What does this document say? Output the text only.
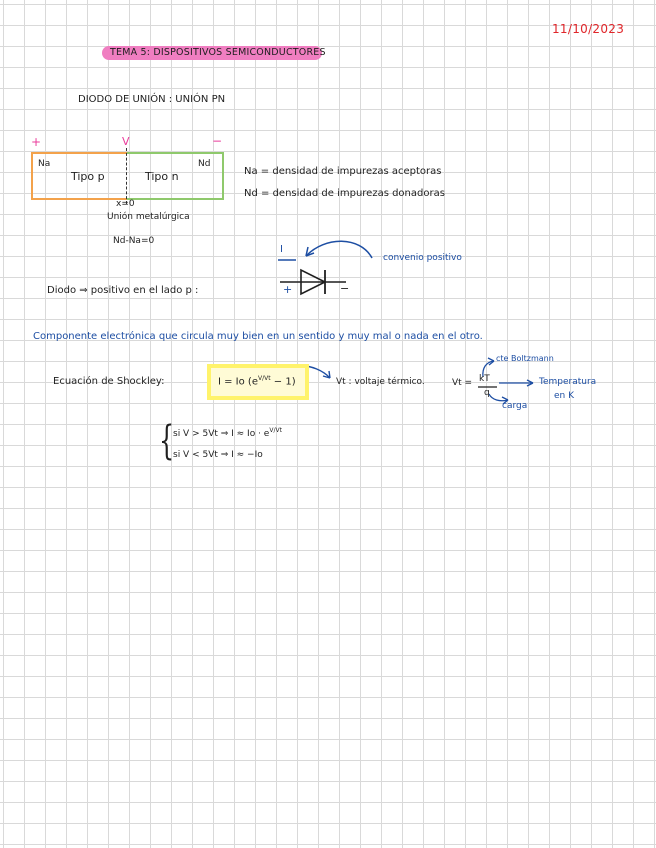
11/10/2023
TEMA 5: DISPOSITIVOS SEMICONDUCTORES
DIODO DE UNIÓN : UNIÓN PN
+	V	−
Na	Nd
Tipo p	Tipo n
x=0
Unión metalúrgica
Nd-Na=0
Na = densidad de impurezas aceptoras
Nd = densidad de impurezas donadoras
I
convenio positivo
+	−
Diodo ⇒ positivo en el lado p :
Componente electrónica que circula muy bien en un sentido y muy mal o nada en el otro.
Ecuación de Shockley:	I = Io $(e^{V/Vt} - 1)$	Vt : voltaje térmico.	Vt = kT
q
cte Boltzmann
Temperatura
en K
carga
{
si V > 5Vt ⇒ $I \approx Io \cdot e^{V/Vt}$
si V < 5Vt ⇒ I ≈ −Io
